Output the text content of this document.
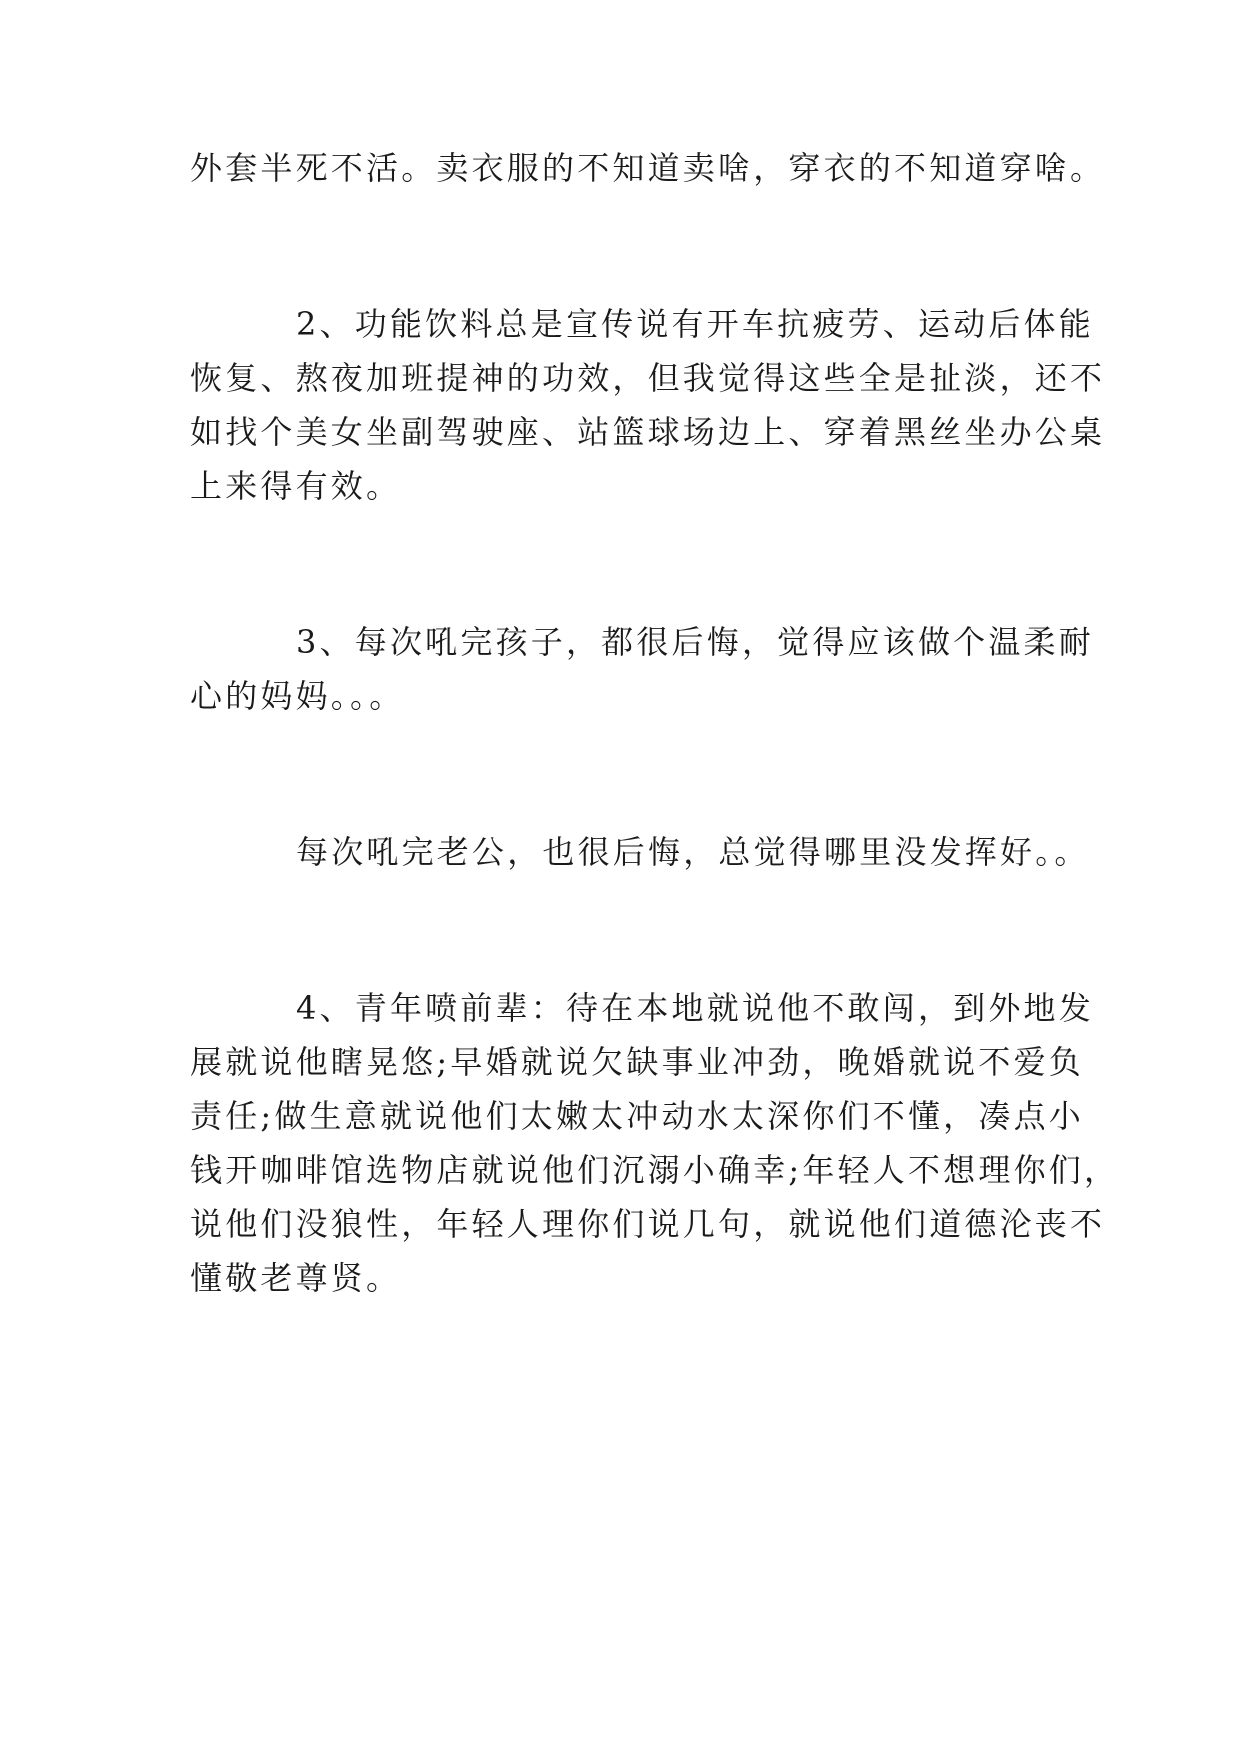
外套半死不活。卖衣服的不知道卖啥，穿衣的不知道穿啥。
2、功能饮料总是宣传说有开车抗疲劳、运动后体能
恢复、熬夜加班提神的功效，但我觉得这些全是扯淡，还不
如找个美女坐副驾驶座、站篮球场边上、穿着黑丝坐办公桌
上来得有效。
3、每次吼完孩子，都很后悔，觉得应该做个温柔耐
心的妈妈。。。
每次吼完老公，也很后悔，总觉得哪里没发挥好。。
4、青年喷前辈：待在本地就说他不敢闯，到外地发
展就说他瞎晃悠;早婚就说欠缺事业冲劲，晚婚就说不爱负
责任;做生意就说他们太嫩太冲动水太深你们不懂，凑点小
钱开咖啡馆选物店就说他们沉溺小确幸;年轻人不想理你们，
说他们没狼性，年轻人理你们说几句，就说他们道德沦丧不
懂敬老尊贤。
